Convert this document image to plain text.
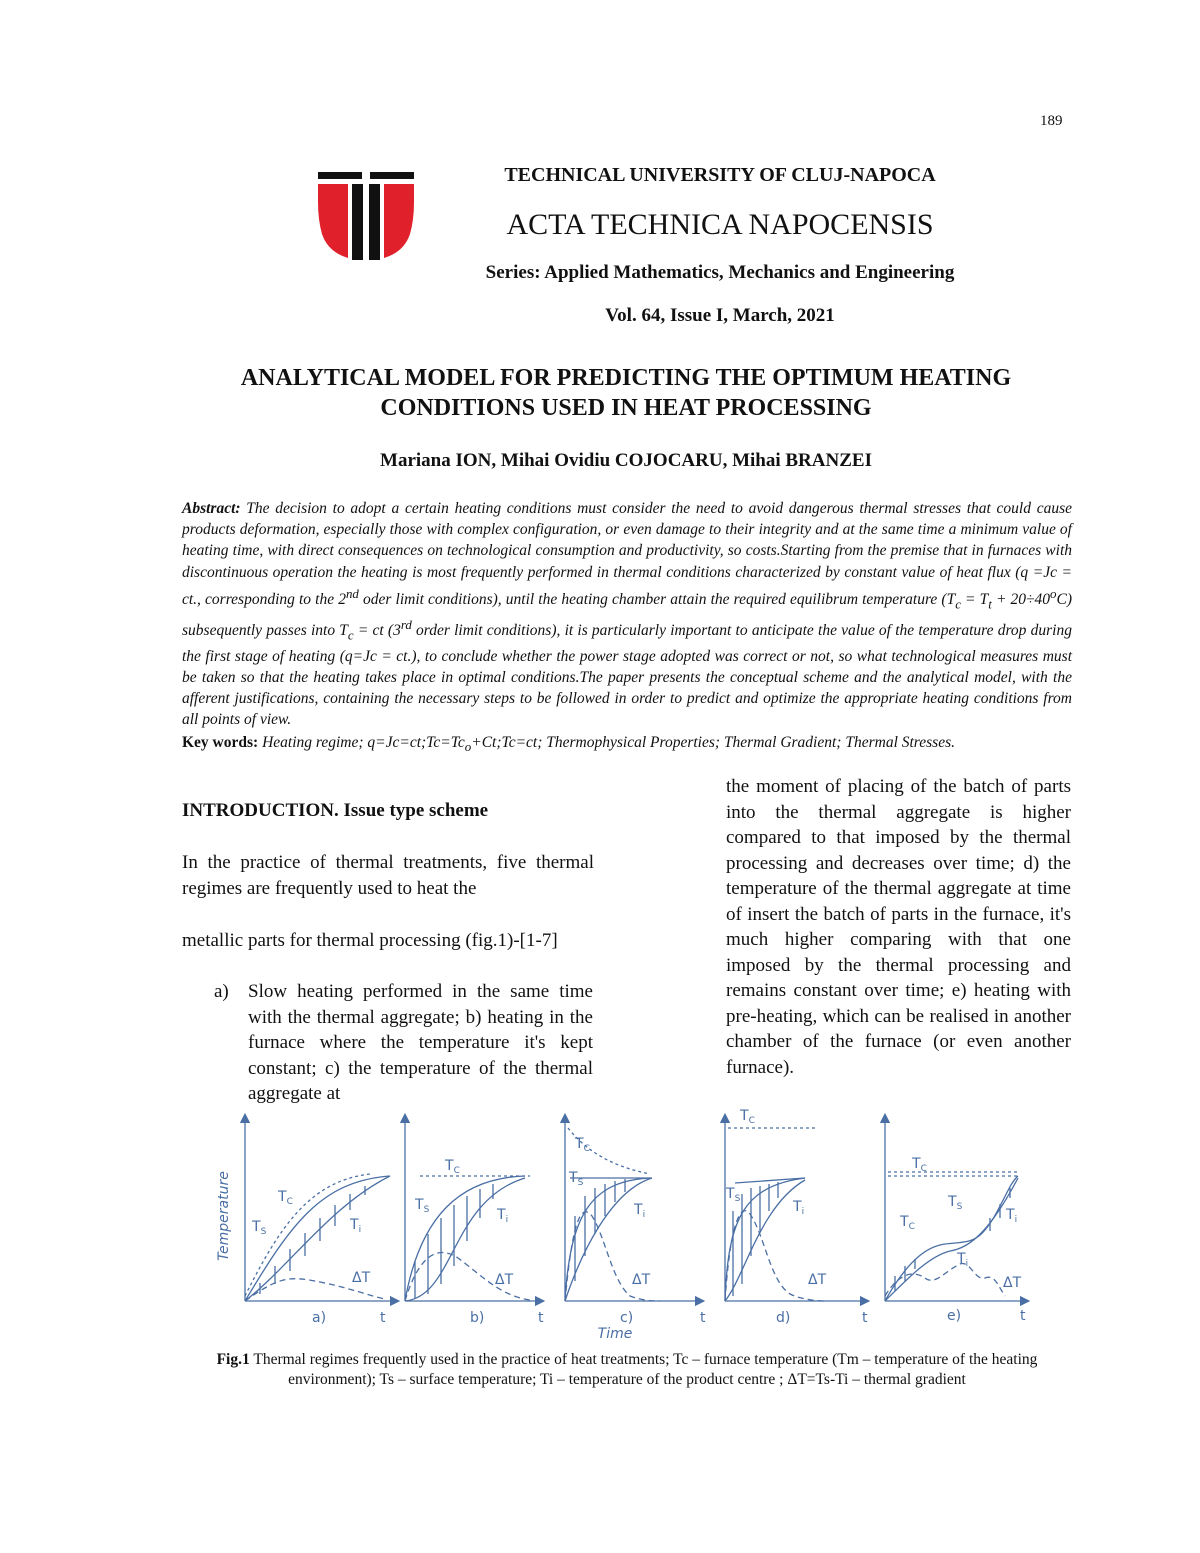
189
TECHNICAL UNIVERSITY OF CLUJ-NAPOCA
ACTA TECHNICA NAPOCENSIS
Series: Applied Mathematics, Mechanics and Engineering
Vol. 64, Issue I, March, 2021
ANALYTICAL MODEL FOR PREDICTING THE OPTIMUM HEATING CONDITIONS USED IN HEAT PROCESSING
Mariana ION, Mihai Ovidiu COJOCARU, Mihai BRANZEI
Abstract: The decision to adopt a certain heating conditions must consider the need to avoid dangerous thermal stresses that could cause products deformation, especially those with complex configuration, or even damage to their integrity and at the same time a minimum value of heating time, with direct consequences on technological consumption and productivity, so costs.Starting from the premise that in furnaces with discontinuous operation the heating is most frequently performed in thermal conditions characterized by constant value of heat flux (q =Jc = ct., corresponding to the 2nd oder limit conditions), until the heating chamber attain the required equilibrum temperature $(T_c = T_t + 20\div 40^oC)$ subsequently passes into $T_c$ = ct (3rd order limit conditions), it is particularly important to anticipate the value of the temperature drop during the first stage of heating (q=Jc = ct.), to conclude whether the power stage adopted was correct or not, so what technological measures must be taken so that the heating takes place in optimal conditions.The paper presents the conceptual scheme and the analytical model, with the afferent justifications, containing the necessary steps to be followed in order to predict and optimize the appropriate heating conditions from all points of view.
Key words: Heating regime; $q=Jc=ct;Tc=Tc_o+Ct;Tc=ct$; Thermophysical Properties; Thermal Gradient; Thermal Stresses.
INTRODUCTION. Issue type scheme
In the practice of thermal treatments, five thermal regimes are frequently used to heat the
metallic parts for thermal processing (fig.1)-[1-7]
a) Slow heating performed in the same time with the thermal aggregate; b) heating in the furnace where the temperature it's kept constant; c) the temperature of the thermal aggregate at
the moment of placing of the batch of parts into the thermal aggregate is higher compared to that imposed by the thermal processing and decreases over time; d) the temperature of the thermal aggregate at time of insert the batch of parts in the furnace, it's much higher comparing with that one imposed by the thermal processing and remains constant over time; e) heating with pre-heating, which can be realised in another chamber of the furnace (or even another furnace).
Temperature
Time
$T_C$
$T_S$	$T_i$
ΔT
a)	t
$T_C$
$T_S$	$T_i$
ΔT
b)	t
$T_C$
$T_S$
$T_i$
ΔT
c)	t
$T_C$
$T_S$	$T_i$
ΔT
d)	t
$T_C$
$T_C$
$T_S$	$T_i$
$T_i$
ΔT
e)	t
Fig.1 Thermal regimes frequently used in the practice of heat treatments; Tc – furnace temperature (Tm – temperature of the heating environment); Ts – surface temperature; Ti – temperature of the product centre ; ΔT=Ts-Ti – thermal gradient
